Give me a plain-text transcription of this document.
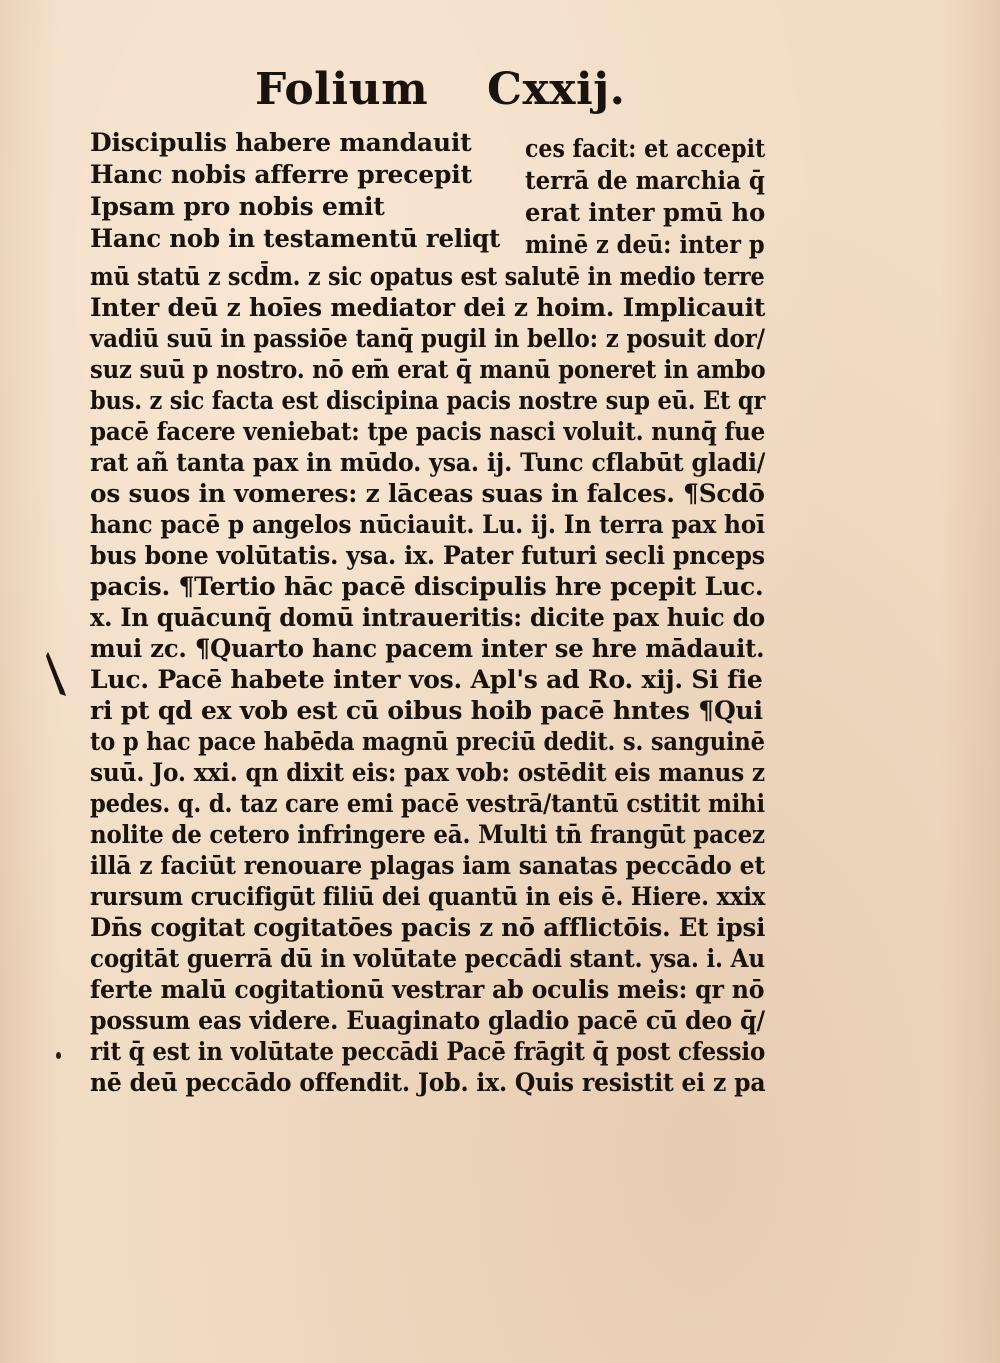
Folium Cxxij.
Discipulis habere mandauit
Hanc nobis afferre precepit
Ipsam pro nobis emit
Hanc nob in testamentū reliqt
ces facit: et accepit
terrā de marchia q̄
erat inter pmū ho
minē z deū: inter p
mū statū z scd̄m. z sic opatus est salutē in medio terre
Inter deū z hoīes mediator dei z hoim. Implicauit
vadiū suū in passiōe tanq̄ pugil in bello: z posuit dor/
suz suū p nostro. nō em̄ erat q̄ manū poneret in ambo
bus. z sic facta est discipina pacis nostre sup eū. Et qr
pacē facere veniebat: tpe pacis nasci voluit. nunq̄ fue
rat añ tanta pax in mūdo. ysa. ij. Tunc cflabūt gladi/
os suos in vomeres: z lāceas suas in falces. ¶Scdō
hanc pacē p angelos nūciauit. Lu. ij. In terra pax hoī
bus bone volūtatis. ysa. ix. Pater futuri secli pnceps
pacis. ¶Tertio hāc pacē discipulis hre pcepit Luc.
x. In quācunq̄ domū intraueritis: dicite pax huic do
mui zc. ¶Quarto hanc pacem inter se hre mādauit.
Luc. Pacē habete inter vos. Apl's ad Ro. xij. Si fie
ri pt qd ex vob est cū oibus hoib pacē hntes ¶Qui
to p hac pace habēda magnū preciū dedit. s. sanguinē
suū. Jo. xxi. qn dixit eis: pax vob: ostēdit eis manus z
pedes. q. d. taz care emi pacē vestrā/tantū cstitit mihi
nolite de cetero infringere eā. Multi tn̄ frangūt pacez
illā z faciūt renouare plagas iam sanatas peccādo et
rursum crucifigūt filiū dei quantū in eis ē. Hiere. xxix
Dn̄s cogitat cogitatōes pacis z nō afflictōis. Et ipsi
cogitāt guerrā dū in volūtate peccādi stant. ysa. i. Au
ferte malū cogitationū vestrar ab oculis meis: qr nō
possum eas videre. Euaginato gladio pacē cū deo q̄/
rit q̄ est in volūtate peccādi Pacē frāgit q̄ post cfessio
nē deū peccādo offendit. Job. ix. Quis resistit ei z pa
